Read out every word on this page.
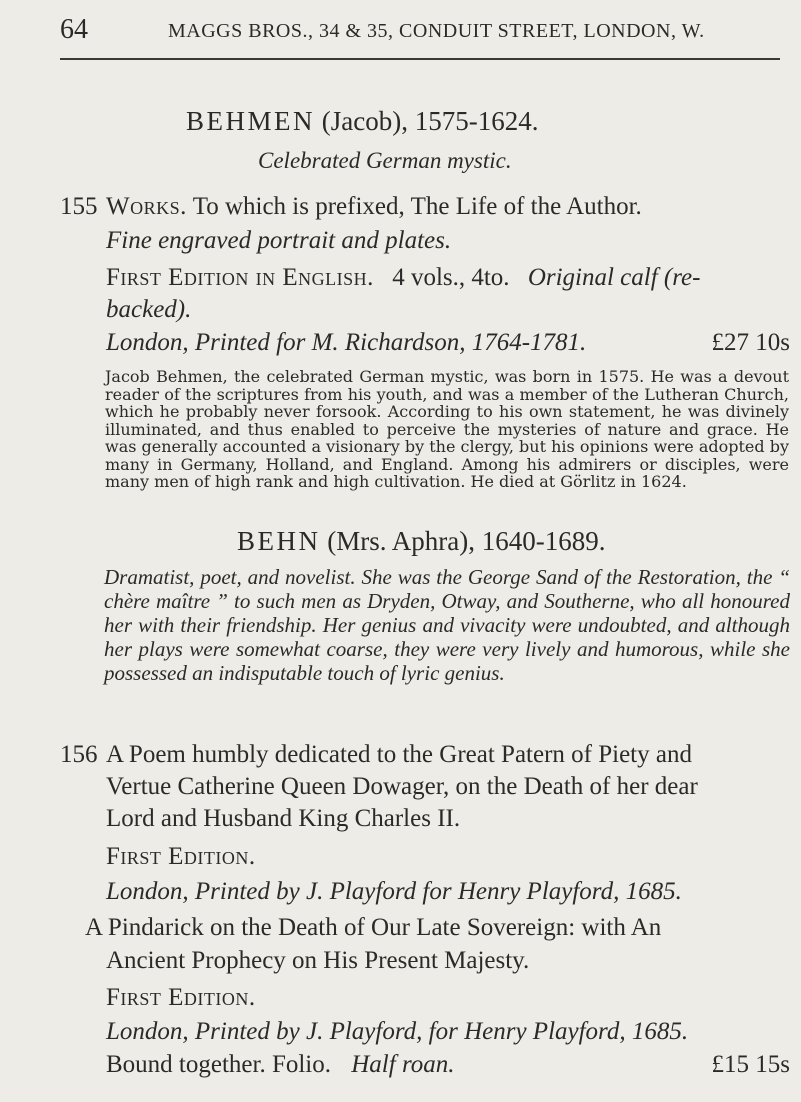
64	MAGGS BROS., 34 & 35, CONDUIT STREET, LONDON, W.
BEHMEN (Jacob), 1575-1624.
Celebrated German mystic.
155 Works. To which is prefixed, The Life of the Author.
Fine engraved portrait and plates.
First Edition in English. 4 vols., 4to. Original calf (re-
backed).
London, Printed for M. Richardson, 1764-1781.	£27 10s
Jacob Behmen, the celebrated German mystic, was born in 1575. He was a devout reader of the scriptures from his youth, and was a member of the Lutheran Church, which he probably never forsook. According to his own statement, he was divinely illuminated, and thus enabled to perceive the mysteries of nature and grace. He was generally accounted a visionary by the clergy, but his opinions were adopted by many in Germany, Holland, and England. Among his admirers or disciples, were many men of high rank and high cultivation. He died at Görlitz in 1624.
BEHN (Mrs. Aphra), 1640-1689.
Dramatist, poet, and novelist. She was the George Sand of the Restoration, the “ chère maître ” to such men as Dryden, Otway, and Southerne, who all honoured her with their friendship. Her genius and vivacity were undoubted, and although her plays were somewhat coarse, they were very lively and humorous, while she possessed an indisputable touch of lyric genius.
156 A Poem humbly dedicated to the Great Patern of Piety and
Vertue Catherine Queen Dowager, on the Death of her dear
Lord and Husband King Charles II.
First Edition.
London, Printed by J. Playford for Henry Playford, 1685.
A Pindarick on the Death of Our Late Sovereign: with An
Ancient Prophecy on His Present Majesty.
First Edition.
London, Printed by J. Playford, for Henry Playford, 1685.
Bound together. Folio. Half roan.	£15 15s
